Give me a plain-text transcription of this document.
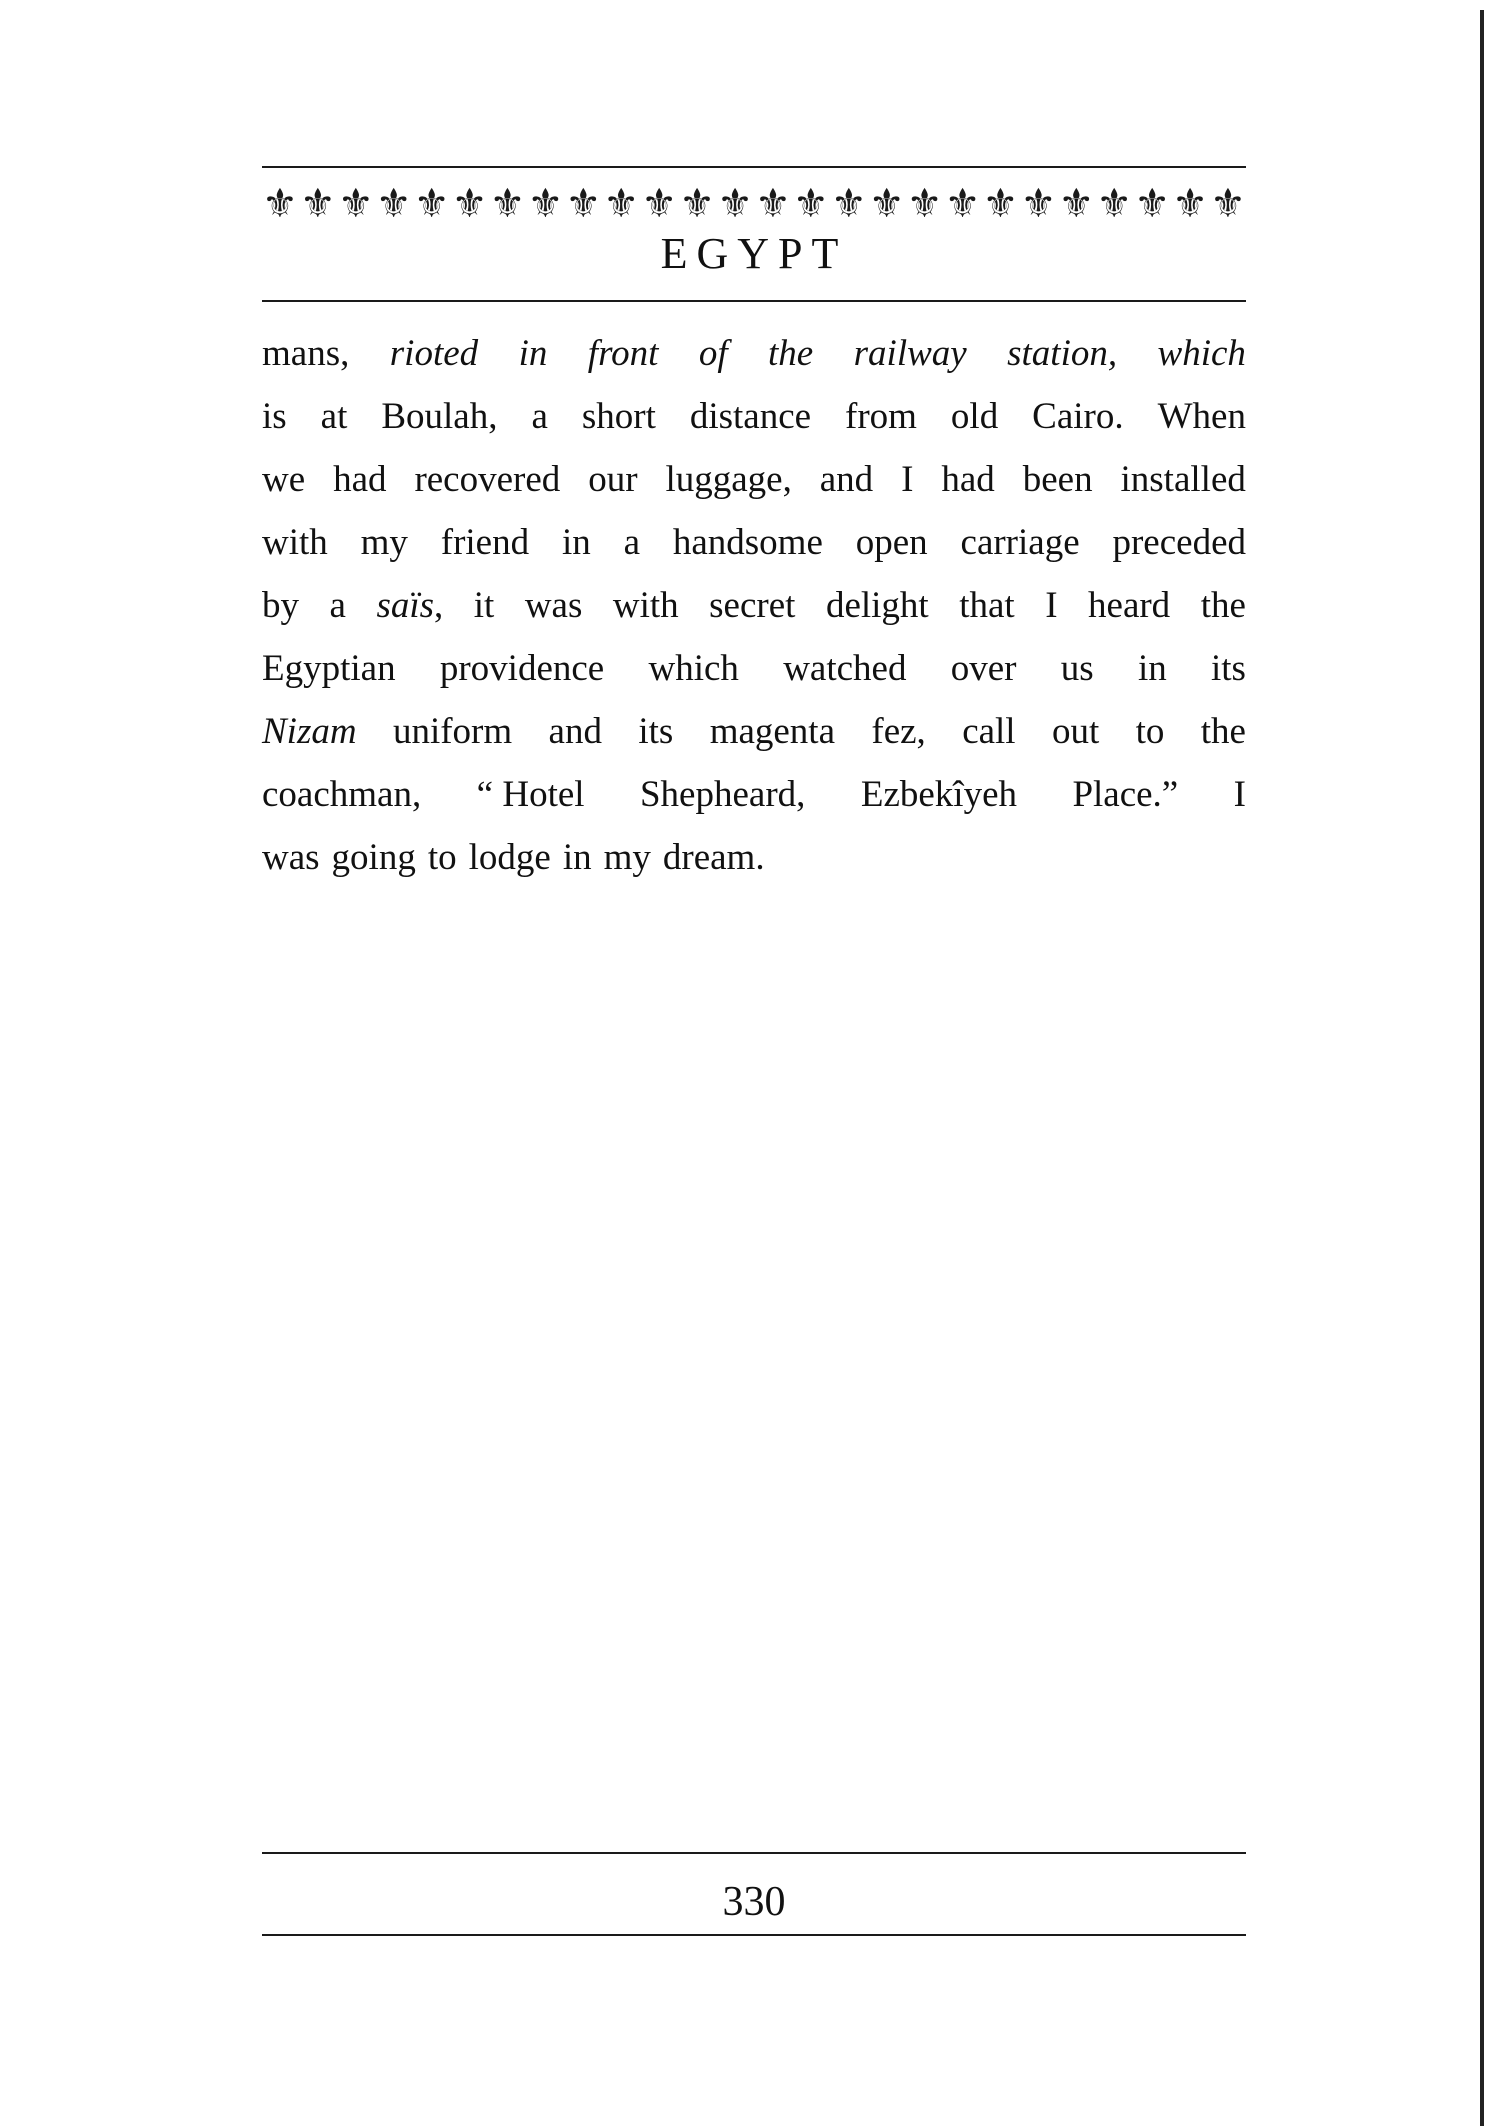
⚜ ⚜ ⚜ ⚜ ⚜ ⚜ ⚜ ⚜ ⚜ ⚜ ⚜ ⚜ ⚜ ⚜ ⚜ ⚜ ⚜ ⚜ ⚜ ⚜ ⚜ ⚜ ⚜ ⚜ ⚜ ⚜
EGYPT
mans, rioted in front of the railway station, which
is at Boulah, a short distance from old Cairo. When
we had recovered our luggage, and I had been installed
with my friend in a handsome open carriage preceded
by a saïs, it was with secret delight that I heard the
Egyptian providence which watched over us in its
Nizam uniform and its magenta fez, call out to the
coachman, “ Hotel Shepheard, Ezbekîyeh Place.” I
was going to lodge in my dream.
330
